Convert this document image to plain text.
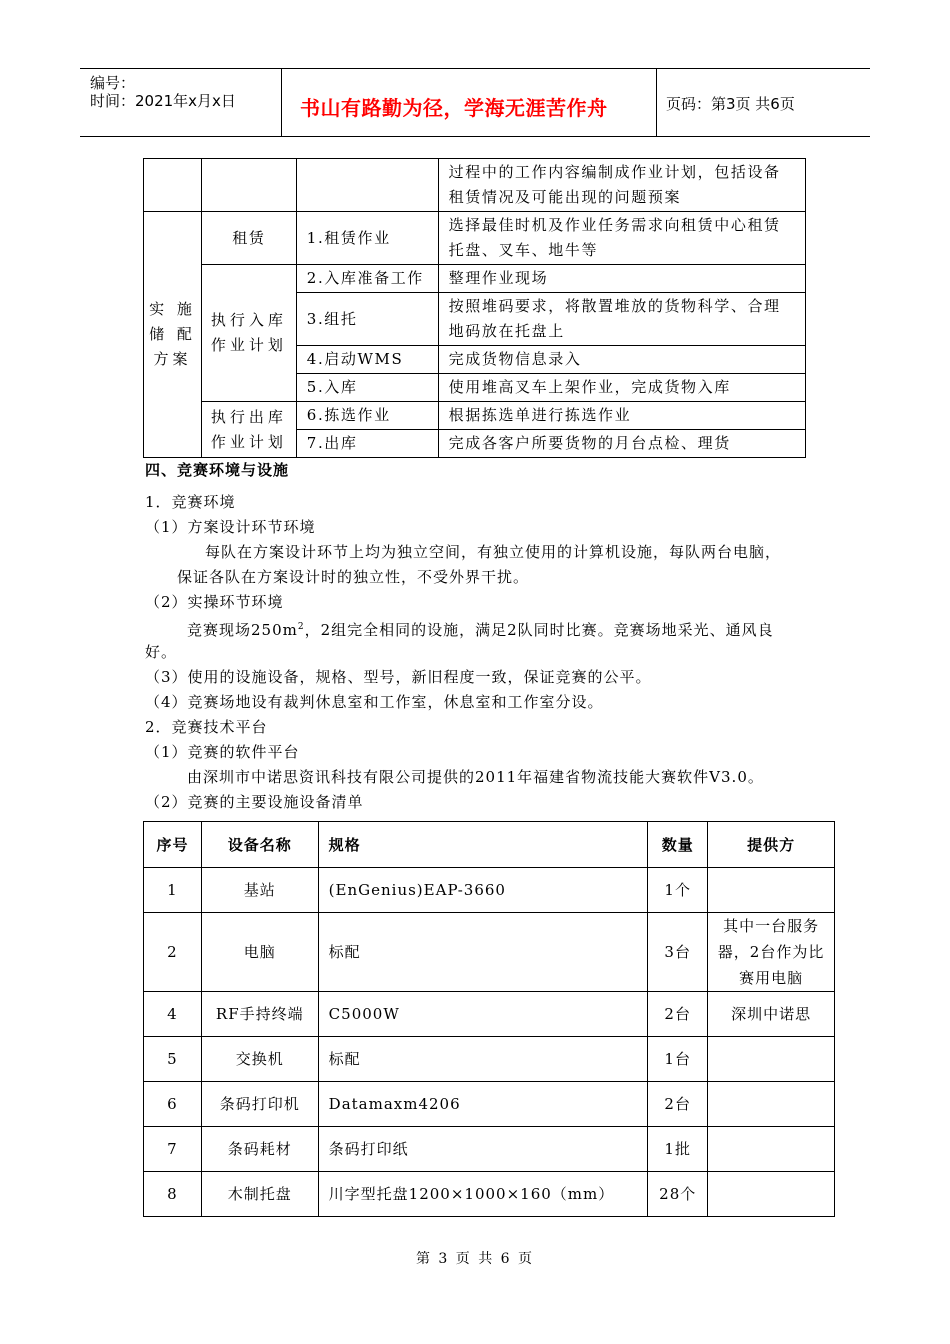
编号：
时间：2021年x月x日	书山有路勤为径，学海无涯苦作舟	页码：第3页 共6页
			过程中的工作内容编制成作业计划，包括设备租赁情况及可能出现的问题预案
实 施 储 配 方案	租赁	1.租赁作业	选择最佳时机及作业任务需求向租赁中心租赁托盘、叉车、地牛等
	执行入库作业计划	2.入库准备工作	整理作业现场
		3.组托	按照堆码要求，将散置堆放的货物科学、合理地码放在托盘上
		4.启动WMS	完成货物信息录入
		5.入库	使用堆高叉车上架作业，完成货物入库
	执行出库作业计划	6.拣选作业	根据拣选单进行拣选作业
		7.出库	完成各客户所要货物的月台点检、理货
四、竞赛环境与设施
1．竞赛环境
（1）方案设计环节环境
每队在方案设计环节上均为独立空间，有独立使用的计算机设施，每队两台电脑，
保证各队在方案设计时的独立性，不受外界干扰。
（2）实操环节环境
竞赛现场$250m^2$，2组完全相同的设施，满足2队同时比赛。竞赛场地采光、通风良
好。
（3）使用的设施设备，规格、型号，新旧程度一致，保证竞赛的公平。
（4）竞赛场地设有裁判休息室和工作室，休息室和工作室分设。
2．竞赛技术平台
（1）竞赛的软件平台
由深圳市中诺思资讯科技有限公司提供的2011年福建省物流技能大赛软件V3.0。
（2）竞赛的主要设施设备清单
序号	设备名称	规格	数量	提供方
1	基站	(EnGenius)EAP-3660	1个	
2	电脑	标配	3台	其中一台服务器，2台作为比赛用电脑
4	RF手持终端	C5000W	2台	深圳中诺思
5	交换机	标配	1台	
6	条码打印机	Datamaxm4206	2台	
7	条码耗材	条码打印纸	1批	
8	木制托盘	川字型托盘1200×1000×160（mm）	28个	
第 3 页 共 6 页
